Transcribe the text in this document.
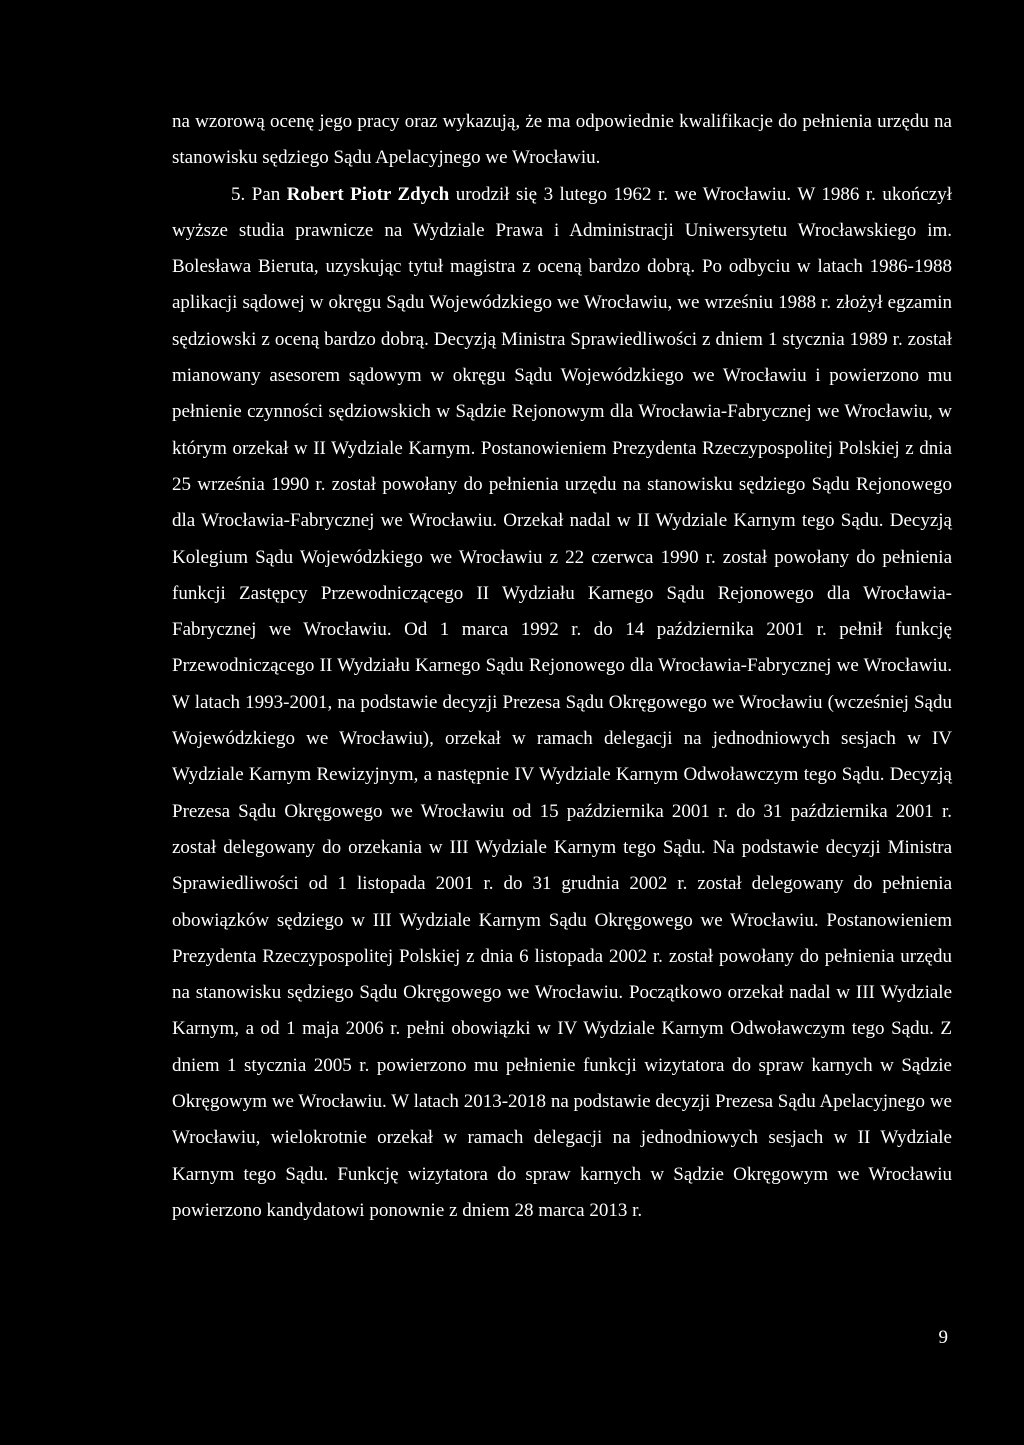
na wzorową ocenę jego pracy oraz wykazują, że ma odpowiednie kwalifikacje do pełnienia urzędu na stanowisku sędziego Sądu Apelacyjnego we Wrocławiu.

5. Pan Robert Piotr Zdych urodził się 3 lutego 1962 r. we Wrocławiu. W 1986 r. ukończył wyższe studia prawnicze na Wydziale Prawa i Administracji Uniwersytetu Wrocławskiego im. Bolesława Bieruta, uzyskując tytuł magistra z oceną bardzo dobrą. Po odbyciu w latach 1986-1988 aplikacji sądowej w okręgu Sądu Wojewódzkiego we Wrocławiu, we wrześniu 1988 r. złożył egzamin sędziowski z oceną bardzo dobrą. Decyzją Ministra Sprawiedliwości z dniem 1 stycznia 1989 r. został mianowany asesorem sądowym w okręgu Sądu Wojewódzkiego we Wrocławiu i powierzono mu pełnienie czynności sędziowskich w Sądzie Rejonowym dla Wrocławia-Fabrycznej we Wrocławiu, w którym orzekał w II Wydziale Karnym. Postanowieniem Prezydenta Rzeczypospolitej Polskiej z dnia 25 września 1990 r. został powołany do pełnienia urzędu na stanowisku sędziego Sądu Rejonowego dla Wrocławia-Fabrycznej we Wrocławiu. Orzekał nadal w II Wydziale Karnym tego Sądu. Decyzją Kolegium Sądu Wojewódzkiego we Wrocławiu z 22 czerwca 1990 r. został powołany do pełnienia funkcji Zastępcy Przewodniczącego II Wydziału Karnego Sądu Rejonowego dla Wrocławia-Fabrycznej we Wrocławiu. Od 1 marca 1992 r. do 14 października 2001 r. pełnił funkcję Przewodniczącego II Wydziału Karnego Sądu Rejonowego dla Wrocławia-Fabrycznej we Wrocławiu. W latach 1993-2001, na podstawie decyzji Prezesa Sądu Okręgowego we Wrocławiu (wcześniej Sądu Wojewódzkiego we Wrocławiu), orzekał w ramach delegacji na jednodniowych sesjach w IV Wydziale Karnym Rewizyjnym, a następnie IV Wydziale Karnym Odwoławczym tego Sądu. Decyzją Prezesa Sądu Okręgowego we Wrocławiu od 15 października 2001 r. do 31 października 2001 r. został delegowany do orzekania w III Wydziale Karnym tego Sądu. Na podstawie decyzji Ministra Sprawiedliwości od 1 listopada 2001 r. do 31 grudnia 2002 r. został delegowany do pełnienia obowiązków sędziego w III Wydziale Karnym Sądu Okręgowego we Wrocławiu. Postanowieniem Prezydenta Rzeczypospolitej Polskiej z dnia 6 listopada 2002 r. został powołany do pełnienia urzędu na stanowisku sędziego Sądu Okręgowego we Wrocławiu. Początkowo orzekał nadal w III Wydziale Karnym, a od 1 maja 2006 r. pełni obowiązki w IV Wydziale Karnym Odwoławczym tego Sądu. Z dniem 1 stycznia 2005 r. powierzono mu pełnienie funkcji wizytatora do spraw karnych w Sądzie Okręgowym we Wrocławiu. W latach 2013-2018 na podstawie decyzji Prezesa Sądu Apelacyjnego we Wrocławiu, wielokrotnie orzekał w ramach delegacji na jednodniowych sesjach w II Wydziale Karnym tego Sądu. Funkcję wizytatora do spraw karnych w Sądzie Okręgowym we Wrocławiu powierzono kandydatowi ponownie z dniem 28 marca 2013 r.

9
